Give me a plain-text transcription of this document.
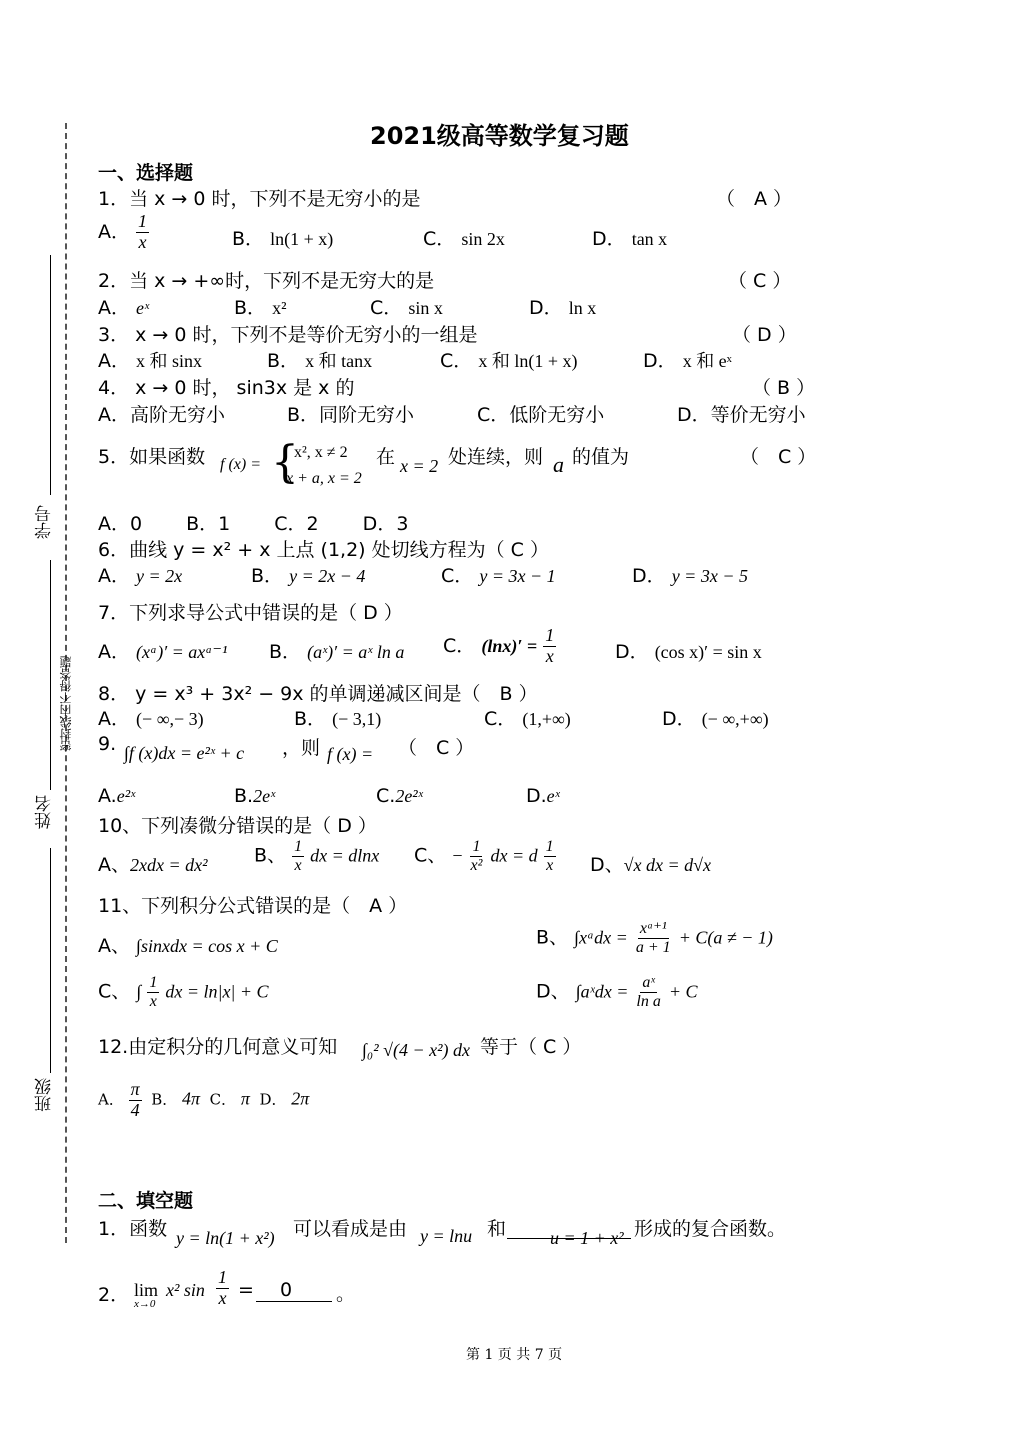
学号
密封线内不得答题
姓名
班级
2021级高等数学复习题
一、选择题
1．当 x → 0 时，下列不是无穷小的是	（　A ）
A． $\frac{1}{x}$	B． ln(1 + x)	C． sin 2x	D． tan x
2．当 x → +∞时，下列不是无穷大的是	（ C ）
A． eˣ	B． x²	C． sin x	D． ln x
3． x → 0 时，下列不是等价无穷小的一组是	（ D ）
A． x 和 sinx	B． x 和 tanx	C． x 和 ln(1 + x)	D． x 和 eˣ
4． x → 0 时， sin3x 是 x 的	（ B ）
A．高阶无穷小	B．同阶无穷小	C．低阶无穷小	D．等价无穷小
5．如果函数 f (x) = {
x², x ≠ 2
x + a, x = 2
在 x = 2 处连续，则 a 的值为	（　C ）
A．0　　 B．1　　 C．2　　 D．3
6．曲线 y = x² + x 上点 (1,2) 处切线方程为（ C ）
A． y = 2x	B． y = 2x − 4	C． y = 3x − 1	D． y = 3x − 5
7．下列求导公式中错误的是（ D ）
A． (xᵃ)′ = axᵃ⁻¹ B． (aˣ)′ = aˣ ln a C． $(\ln x)' = \frac{1}{x}$	D． (cos x)′ = sin x
8． y = x³ + 3x² − 9x 的单调递减区间是（　B ）
A． (− ∞,− 3)	B． (− 3,1)	C． (1,+∞)	D． (− ∞,+∞)
9. ∫f (x)dx = e²ˣ + c ，则 f (x) = （　C ）
A.e²ˣ	B.2eˣ	C.2e²ˣ	D.eˣ
10、下列凑微分错误的是（ D ）
A、2xdx = dx² B、 $\frac{1}{x}$ dx = dlnx C、 − $\frac{1}{\text{x²}}$ dx = d $\frac{1}{x}$ D、√x dx = d√x
11、下列积分公式错误的是（　A ）
A、 ∫sinxdx = cos x + C	B、 ∫xᵃdx = $\frac{\text{xᵃ⁺¹}}{a + 1} + C(a$ ≠ − 1)
C、 ∫ $\frac{1}{x}$ dx = ln|x| + C	D、 ∫aˣdx = $\frac{\text{aˣ}}{\text{ln a}} + C$
12.由定积分的几何意义可知 ∫₀² √(4 − x²) dx 等于（ C ）
A． $\frac{\pi}{4}$ B． 4π C． π D． 2π
二、填空题
1．函数 y = ln(1 + x²) 可以看成是由 y = lnu 和 u = 1 + x² 形成的复合函数。
2． lim
x→0
x² $\sin \frac{1}{x}$ =	0	。
第 1 页 共 7 页
